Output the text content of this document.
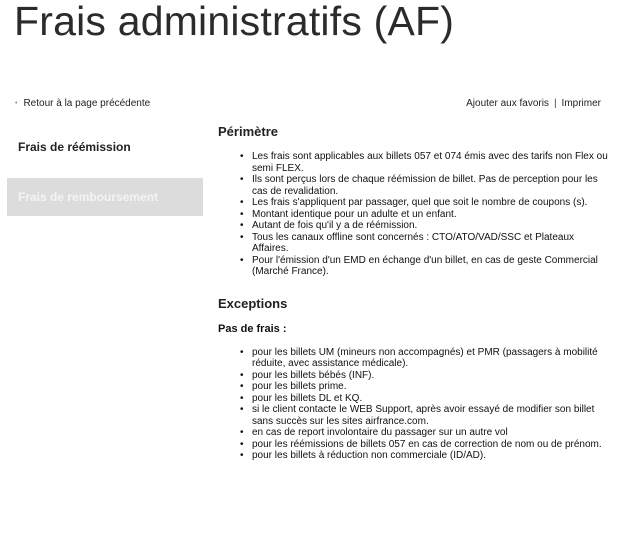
Frais administratifs (AF)
• Retour à la page précédente	Ajouter aux favoris | Imprimer
Frais de réémission
Frais de remboursement
Périmètre
• Les frais sont applicables aux billets 057 et 074 émis avec des tarifs non Flex ou semi FLEX.
• Ils sont perçus lors de chaque réémission de billet. Pas de perception pour les cas de revalidation.
• Les frais s'appliquent par passager, quel que soit le nombre de coupons (s).
• Montant identique pour un adulte et un enfant.
• Autant de fois qu'il y a de réémission.
• Tous les canaux offline sont concernés : CTO/ATO/VAD/SSC et Plateaux Affaires.
• Pour l'émission d'un EMD en échange d'un billet, en cas de geste Commercial (Marché France).
Exceptions
Pas de frais :
• pour les billets UM (mineurs non accompagnés) et PMR (passagers à mobilité réduite, avec assistance médicale).
• pour les billets bébés (INF).
• pour les billets prime.
• pour les billets DL et KQ.
• si le client contacte le WEB Support, après avoir essayé de modifier son billet sans succès sur les sites airfrance.com.
• en cas de report involontaire du passager sur un autre vol
• pour les réémissions de billets 057 en cas de correction de nom ou de prénom.
• pour les billets à réduction non commerciale (ID/AD).
